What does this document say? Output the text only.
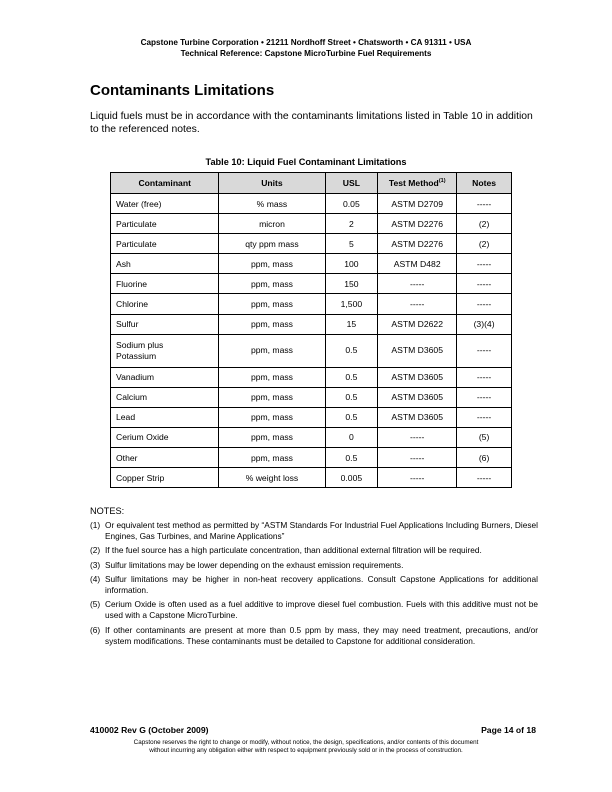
Capstone Turbine Corporation • 21211 Nordhoff Street • Chatsworth • CA 91311 • USA
Technical Reference: Capstone MicroTurbine Fuel Requirements
Contaminants Limitations

Liquid fuels must be in accordance with the contaminants limitations listed in Table 10 in addition to the referenced notes.

Table 10: Liquid Fuel Contaminant Limitations
Contaminant	Units	USL	Test Method$^{(1)}$	Notes
Water (free)	% mass	0.05	ASTM D2709	-----
Particulate	micron	2	ASTM D2276	(2)
Particulate	qty ppm mass	5	ASTM D2276	(2)
Ash	ppm, mass	100	ASTM D482	-----
Fluorine	ppm, mass	150	-----	-----
Chlorine	ppm, mass	1,500	-----	-----
Sulfur	ppm, mass	15	ASTM D2622	(3)(4)
Sodium plus
Potassium	ppm, mass	0.5	ASTM D3605	-----
Vanadium	ppm, mass	0.5	ASTM D3605	-----
Calcium	ppm, mass	0.5	ASTM D3605	-----
Lead	ppm, mass	0.5	ASTM D3605	-----
Cerium Oxide	ppm, mass	0	-----	(5)
Other	ppm, mass	0.5	-----	(6)
Copper Strip	% weight loss	0.005	-----	-----
NOTES:
(1) Or equivalent test method as permitted by “ASTM Standards For Industrial Fuel Applications Including Burners, Diesel Engines, Gas Turbines, and Marine Applications”
(2) If the fuel source has a high particulate concentration, than additional external filtration will be required.
(3) Sulfur limitations may be lower depending on the exhaust emission requirements.
(4) Sulfur limitations may be higher in non-heat recovery applications. Consult Capstone Applications for additional information.
(5) Cerium Oxide is often used as a fuel additive to improve diesel fuel combustion. Fuels with this additive must not be used with a Capstone MicroTurbine.
(6) If other contaminants are present at more than 0.5 ppm by mass, they may need treatment, precautions, and/or system modifications. These contaminants must be detailed to Capstone for additional consideration.
410002 Rev G (October 2009)	Page 14 of 18
Capstone reserves the right to change or modify, without notice, the design, specifications, and/or contents of this document
without incurring any obligation either with respect to equipment previously sold or in the process of construction.
